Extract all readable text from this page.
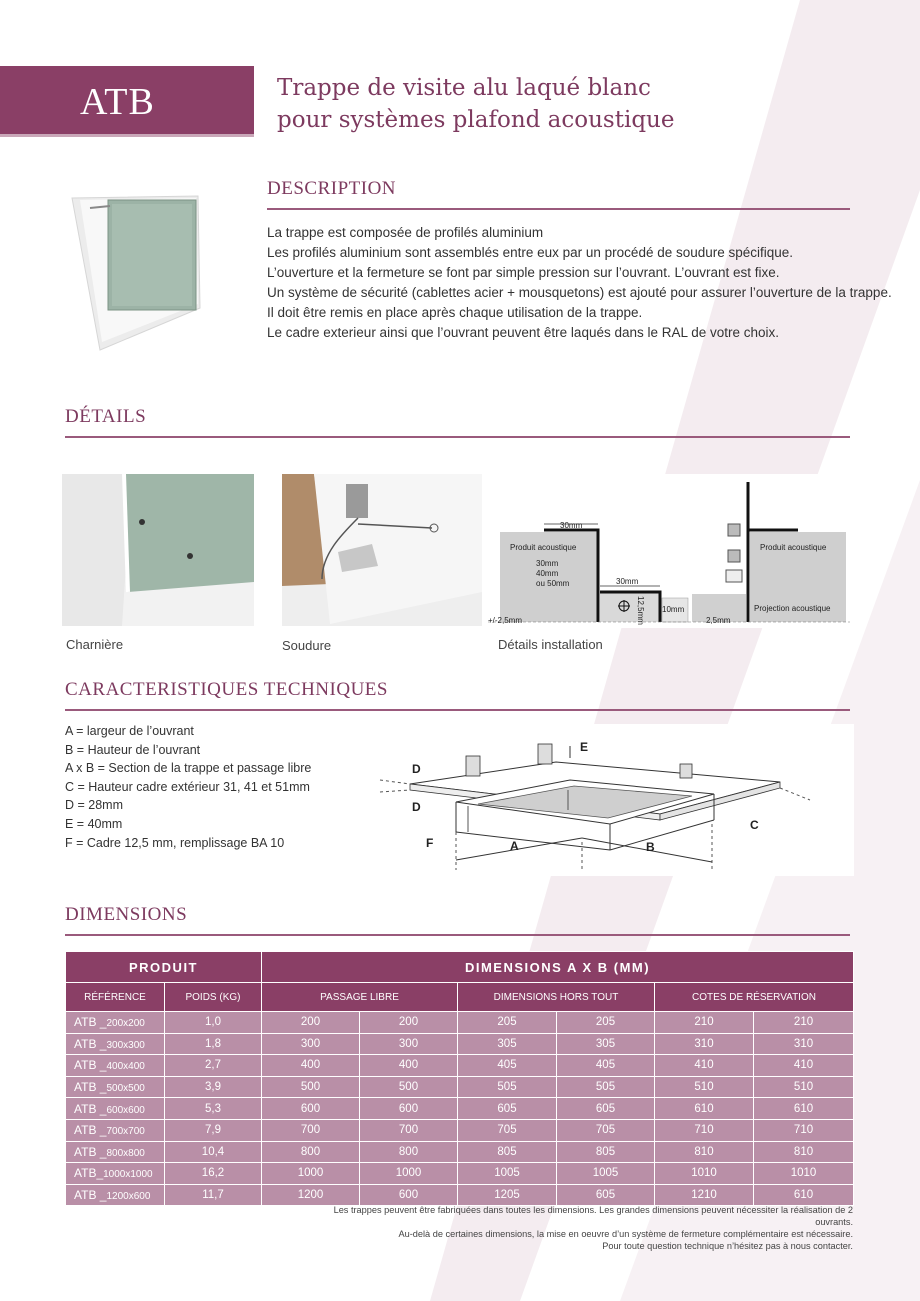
ATB	Trappe de visite alu laqué blanc
pour systèmes plafond acoustique
DESCRIPTION
La trappe est composée de profilés aluminium
Les profilés aluminium sont assemblés entre eux par un procédé de soudure spécifique.
L’ouverture et la fermeture se font par simple pression sur l’ouvrant. L’ouvrant est fixe.
Un système de sécurité (cablettes acier + mousquetons) est ajouté pour assurer l’ouverture de la trappe.
Il doit être remis en place après chaque utilisation de la trappe.
Le cadre exterieur ainsi que l’ouvrant peuvent être laqués dans le RAL de votre choix.
DÉTAILS
30mm
Produit acoustique
30mm
40mm
ou 50mm	30mm
12,5mm 10mm
Produit acoustique
Projection acoustique
+/-2,5mm	2,5mm
Charnière	Soudure	Détails installation
CARACTERISTIQUES TECHNIQUES
A = largeur de l’ouvrant
B = Hauteur de l’ouvrant
A x B = Section de la trappe et passage libre
C = Hauteur cadre extérieur 31, 41 et 51mm
D = 28mm
E = 40mm
F = Cadre 12,5 mm, remplissage BA 10
E
D
D
C
F	A	B
DIMENSIONS
PRODUIT		DIMENSIONS A X B (MM)					
RÉFÉRENCE	POIDS (KG)	PASSAGE LIBRE		DIMENSIONS HORS TOUT		COTES DE RÉSERVATION	
ATB _200x200	1,0	200	200	205	205	210	210
ATB _300x300	1,8	300	300	305	305	310	310
ATB _400x400	2,7	400	400	405	405	410	410
ATB _500x500	3,9	500	500	505	505	510	510
ATB _600x600	5,3	600	600	605	605	610	610
ATB _700x700	7,9	700	700	705	705	710	710
ATB _800x800	10,4	800	800	805	805	810	810
ATB_1000x1000	16,2	1000	1000	1005	1005	1010	1010
ATB _1200x600	11,7	1200	600	1205	605	1210	610
Les trappes peuvent être fabriquées dans toutes les dimensions. Les grandes dimensions peuvent nécessiter la réalisation de 2 ouvrants.
Au-delà de certaines dimensions, la mise en oeuvre d’un système de fermeture complémentaire est nécessaire.
Pour toute question technique n’hésitez pas à nous contacter.
